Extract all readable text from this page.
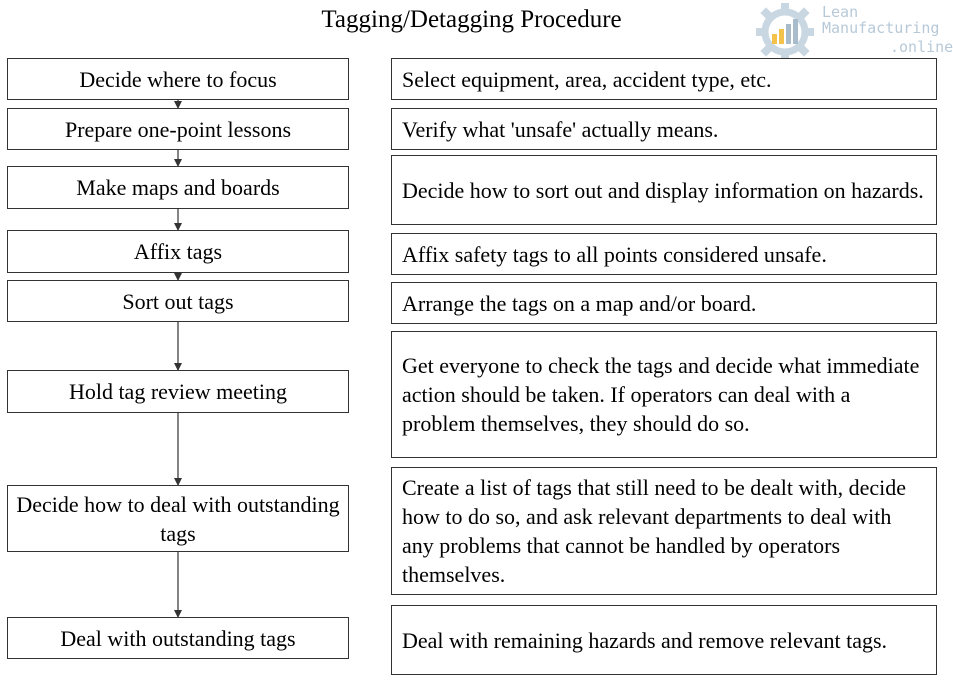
Tagging/Detagging Procedure	Lean
Manufacturing
.online
Decide where to focus
Prepare one-point lessons
Make maps and boards
Affix tags
Sort out tags
Hold tag review meeting
Decide how to deal with outstanding tags
Deal with outstanding tags
Select equipment, area, accident type, etc.
Verify what 'unsafe' actually means.
Decide how to sort out and display information on hazards.
Affix safety tags to all points considered unsafe.
Arrange the tags on a map and/or board.
Get everyone to check the tags and decide what immediate action should be taken. If operators can deal with a problem themselves, they should do so.
Create a list of tags that still need to be dealt with, decide how to do so, and ask relevant departments to deal with any problems that cannot be handled by operators themselves.
Deal with remaining hazards and remove relevant tags.
